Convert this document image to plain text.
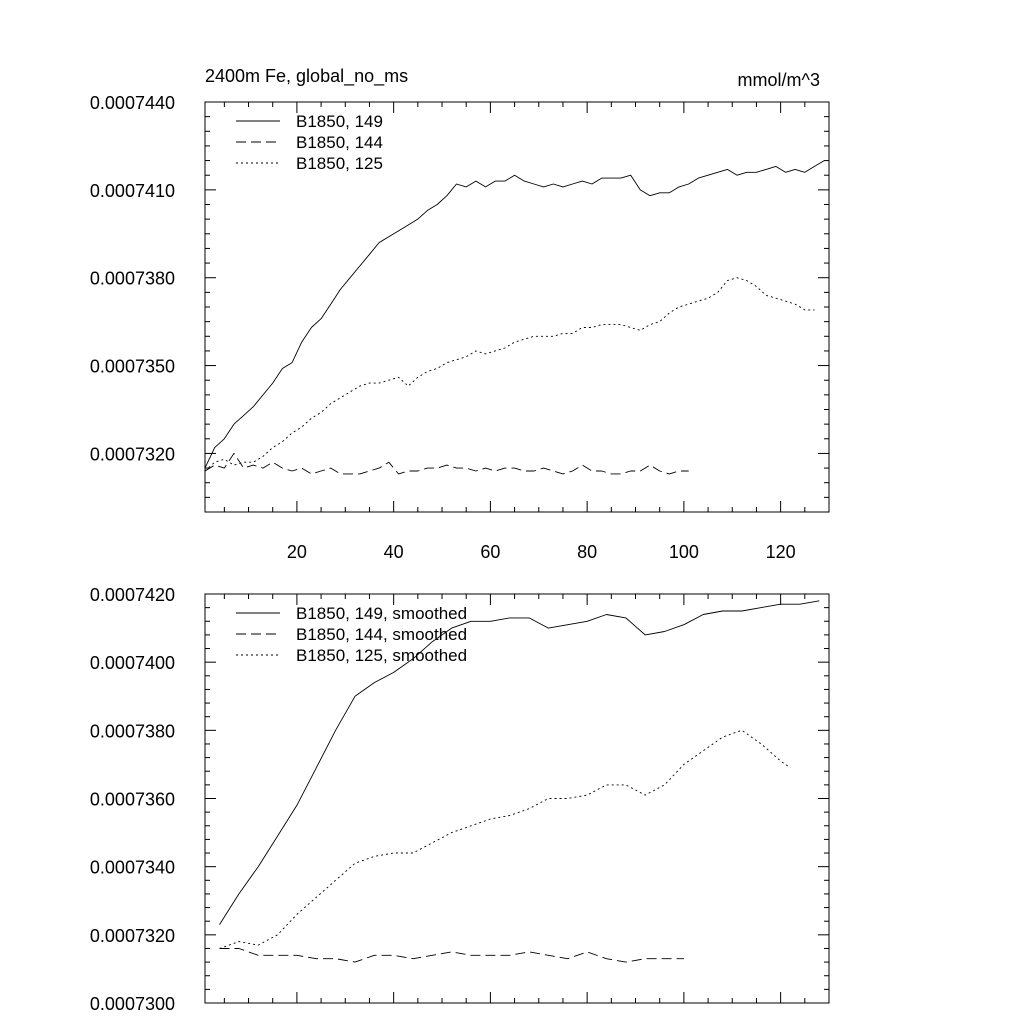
20	40	60	80	100	120
0.0007320
0.0007350
0.0007380
0.0007410
0.0007440
2400m Fe, global_no_ms	mmol/m^3
B1850, 149
B1850, 144
B1850, 125
0.0007300
0.0007320
0.0007340
0.0007360
0.0007380
0.0007400
0.0007420
B1850, 149, smoothed
B1850, 144, smoothed
B1850, 125, smoothed
